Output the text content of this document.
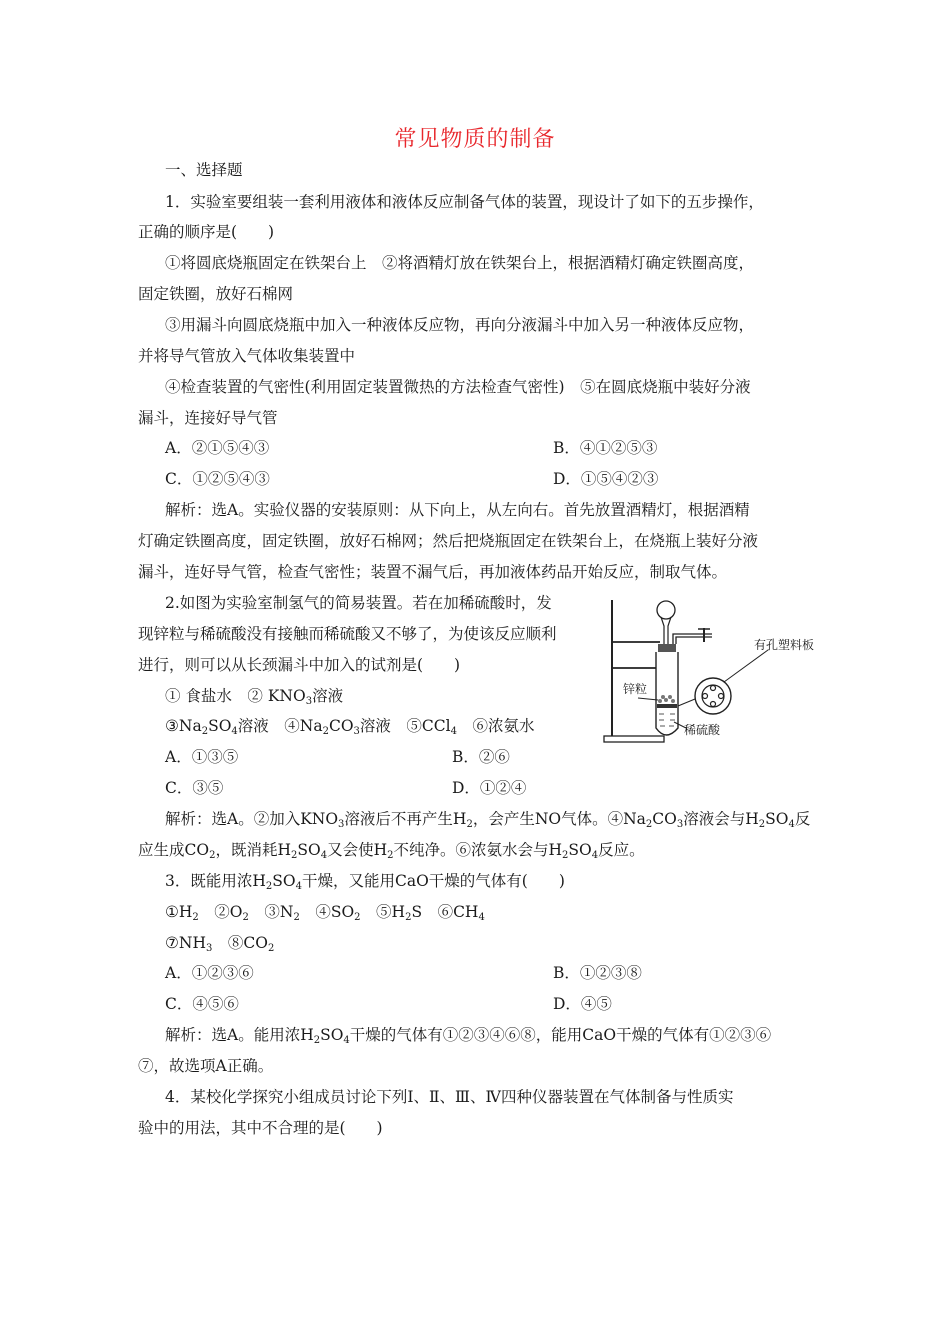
常见物质的制备
一、选择题
1．实验室要组装一套利用液体和液体反应制备气体的装置，现设计了如下的五步操作，
正确的顺序是(　　)
①将圆底烧瓶固定在铁架台上　②将酒精灯放在铁架台上，根据酒精灯确定铁圈高度，
固定铁圈，放好石棉网
③用漏斗向圆底烧瓶中加入一种液体反应物，再向分液漏斗中加入另一种液体反应物，
并将导气管放入气体收集装置中
④检查装置的气密性(利用固定装置微热的方法检查气密性)　⑤在圆底烧瓶中装好分液
漏斗，连接好导气管
A．②①⑤④③	B．④①②⑤③
C．①②⑤④③	D．①⑤④②③
解析：选A。实验仪器的安装原则：从下向上，从左向右。首先放置酒精灯，根据酒精
灯确定铁圈高度，固定铁圈，放好石棉网；然后把烧瓶固定在铁架台上，在烧瓶上装好分液
漏斗，连好导气管，检查气密性；装置不漏气后，再加液体药品开始反应，制取气体。
2.如图为实验室制氢气的简易装置。若在加稀硫酸时，发
现锌粒与稀硫酸没有接触而稀硫酸又不够了，为使该反应顺利
进行，则可以从长颈漏斗中加入的试剂是(　　)
① 食盐水　② $KNO_3$溶液
$③Na_2SO_4$溶液　$④Na_2CO_3$溶液　⑤CCl$_4$　⑥浓氨水
A．①③⑤	B．②⑥
C．③⑤	D．①②④
有孔塑料板
锌粒
稀硫酸
解析：选A。②加入$KNO_3$溶液后不再产生$H_2$，会产生NO气体。$④Na_2CO_3$溶液会与$H_2SO_4$反
应生成$CO_2$，既消耗$H_2SO_4$又会使$H_2$不纯净。⑥浓氨水会与$H_2SO_4$反应。
3．既能用浓$H_2SO_4$干燥，又能用CaO干燥的气体有(　　)
$①H_2$　$②O_2$　$③N_2$　$④SO_2$　$⑤H_2S$　$⑥CH_4$
$⑦NH_3$　$⑧CO_2$
A．①②③⑥	B．①②③⑧
C．④⑤⑥	D．④⑤
解析：选A。能用浓$H_2SO_4$干燥的气体有①②③④⑥⑧，能用CaO干燥的气体有①②③⑥
⑦，故选项A正确。
4．某校化学探究小组成员讨论下列Ⅰ、Ⅱ、Ⅲ、Ⅳ四种仪器装置在气体制备与性质实
验中的用法，其中不合理的是(　　)
